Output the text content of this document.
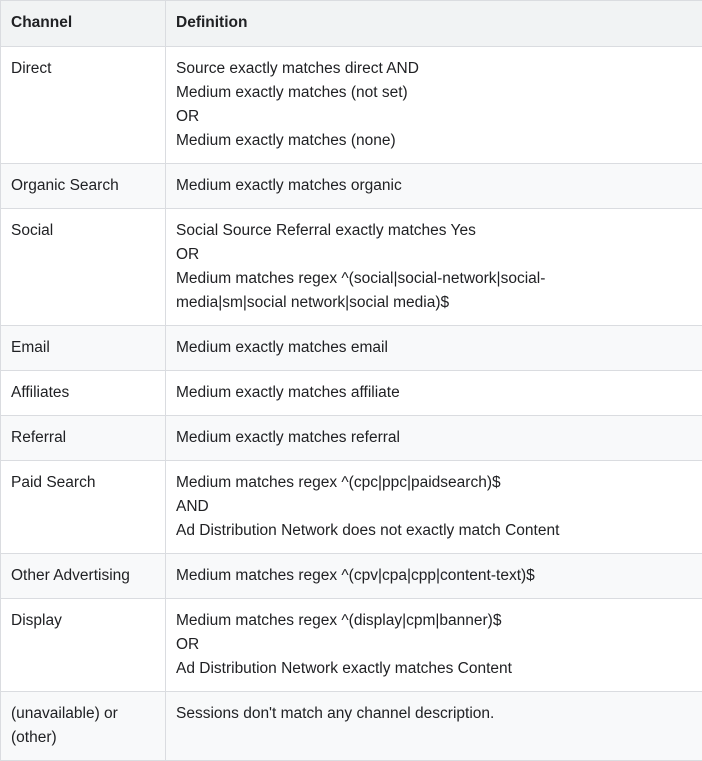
Channel	Definition
Direct	Source exactly matches direct AND
Medium exactly matches (not set)
OR
Medium exactly matches (none)

Organic Search	Medium exactly matches organic

Social	Social Source Referral exactly matches Yes
OR
Medium matches regex ^(social|social-network|social-
media|sm|social network|social media)$

Email	Medium exactly matches email

Affiliates	Medium exactly matches affiliate

Referral	Medium exactly matches referral

Paid Search	Medium matches regex ^(cpc|ppc|paidsearch)$
AND
Ad Distribution Network does not exactly match Content

Other Advertising	Medium matches regex ^(cpv|cpa|cpp|content-text)$

Display	Medium matches regex ^(display|cpm|banner)$
OR
Ad Distribution Network exactly matches Content

(unavailable) or (other)	Sessions don't match any channel description.
